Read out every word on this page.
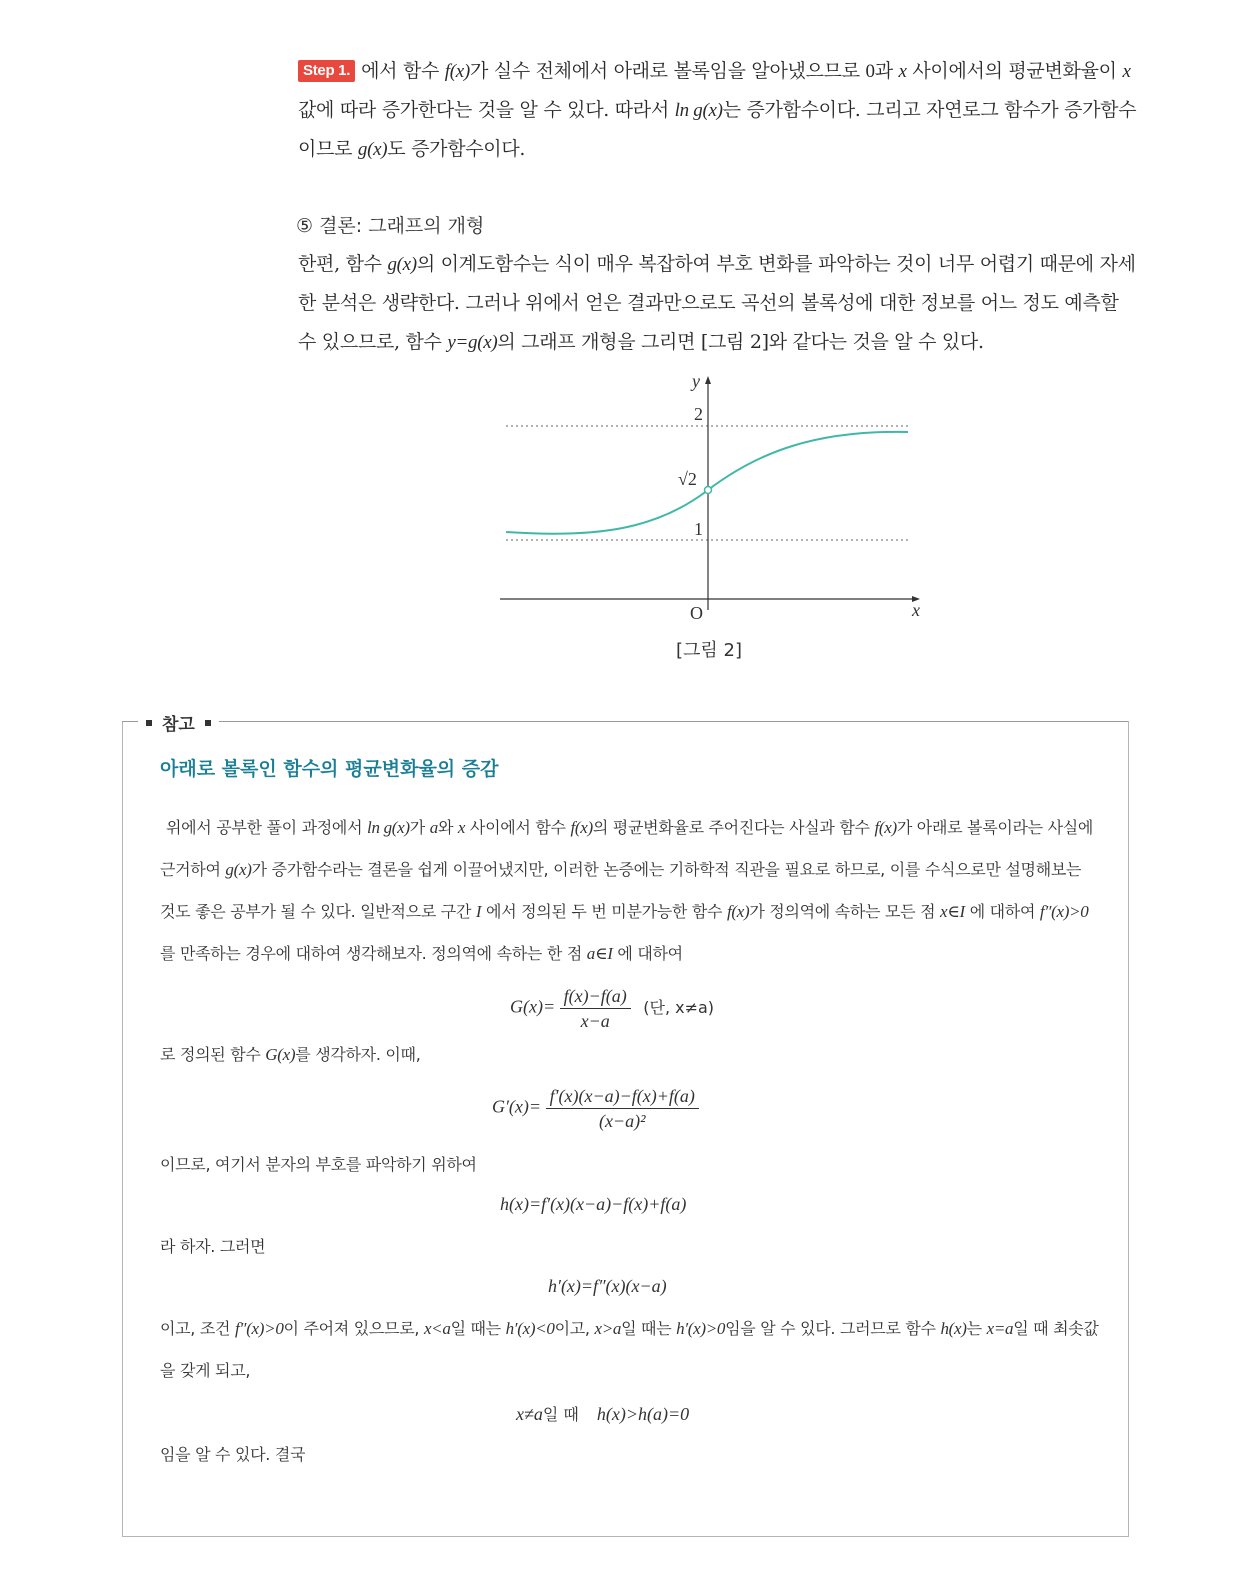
Step 1. 에서 함수 f(x)가 실수 전체에서 아래로 볼록임을 알아냈으므로 0과 x 사이에서의 평균변화율이 x 값에 따라 증가한다는 것을 알 수 있다. 따라서 ln g(x)는 증가함수이다. 그리고 자연로그 함수가 증가함수이므로 g(x)도 증가함수이다.

⑤ 결론: 그래프의 개형

한편, 함수 g(x)의 이계도함수는 식이 매우 복잡하여 부호 변화를 파악하는 것이 너무 어렵기 때문에 자세한 분석은 생략한다. 그러나 위에서 얻은 결과만으로도 곡선의 볼록성에 대한 정보를 어느 정도 예측할 수 있으므로, 함수 y=g(x)의 그래프 개형을 그리면 [그림 2]와 같다는 것을 알 수 있다.

y
x
O
2
√2
1
[그림 2]
참고
아래로 볼록인 함수의 평균변화율의 증감

위에서 공부한 풀이 과정에서 ln g(x)가 a와 x 사이에서 함수 f(x)의 평균변화율로 주어진다는 사실과 함수 f(x)가 아래로 볼록이라는 사실에 근거하여 g(x)가 증가함수라는 결론을 쉽게 이끌어냈지만, 이러한 논증에는 기하학적 직관을 필요로 하므로, 이를 수식으로만 설명해보는 것도 좋은 공부가 될 수 있다. 일반적으로 구간 I 에서 정의된 두 번 미분가능한 함수 f(x)가 정의역에 속하는 모든 점 x∈I 에 대하여 f″(x)>0를 만족하는 경우에 대하여 생각해보자. 정의역에 속하는 한 점 a∈I 에 대하여

$G(x)= \frac{f(x)-f(a)}{x-a}$ (단, x≠a)

로 정의된 함수 G(x)를 생각하자. 이때,

$G'(x)= \frac{f'(x)(x-a)-f(x)+f(a)}{\text{(x−a)²}}$

이므로, 여기서 분자의 부호를 파악하기 위하여

h(x)=f′(x)(x−a)−f(x)+f(a)

라 하자. 그러면

h′(x)=f″(x)(x−a)

이고, 조건 f″(x)>0이 주어져 있으므로, x<a일 때는 h′(x)<0이고, x>a일 때는 h′(x)>0임을 알 수 있다. 그러므로 함수 h(x)는 x=a일 때 최솟값을 갖게 되고,

x≠a일 때 h(x)>h(a)=0

임을 알 수 있다. 결국
